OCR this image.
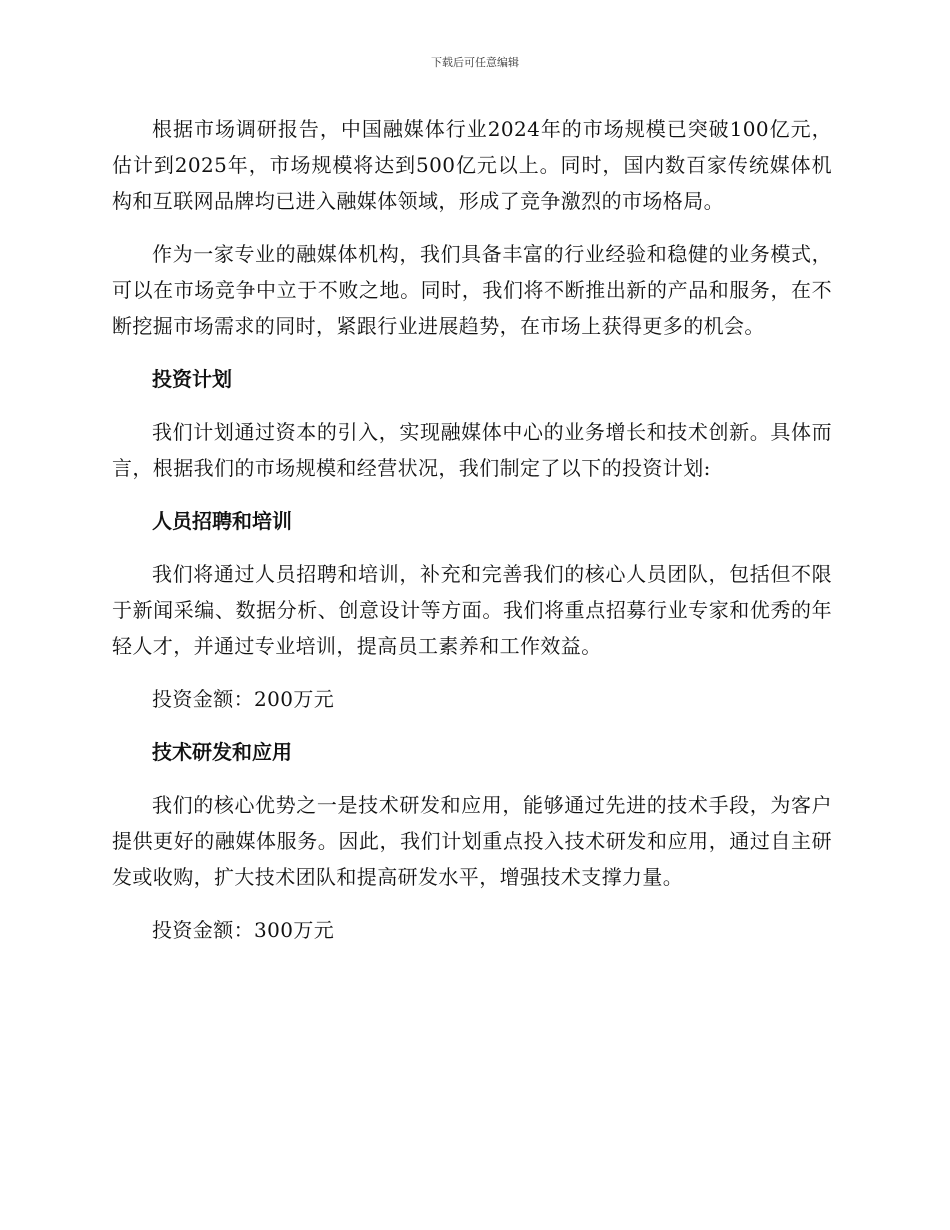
下载后可任意编辑

根据市场调研报告，中国融媒体行业2024年的市场规模已突破100亿元，估计到2025年，市场规模将达到500亿元以上。同时，国内数百家传统媒体机构和互联网品牌均已进入融媒体领域，形成了竞争激烈的市场格局。

作为一家专业的融媒体机构，我们具备丰富的行业经验和稳健的业务模式，可以在市场竞争中立于不败之地。同时，我们将不断推出新的产品和服务，在不断挖掘市场需求的同时，紧跟行业进展趋势，在市场上获得更多的机会。

投资计划

我们计划通过资本的引入，实现融媒体中心的业务增长和技术创新。具体而言，根据我们的市场规模和经营状况，我们制定了以下的投资计划:

人员招聘和培训

我们将通过人员招聘和培训，补充和完善我们的核心人员团队，包括但不限于新闻采编、数据分析、创意设计等方面。我们将重点招募行业专家和优秀的年轻人才，并通过专业培训，提高员工素养和工作效益。

投资金额：200万元

技术研发和应用

我们的核心优势之一是技术研发和应用，能够通过先进的技术手段，为客户提供更好的融媒体服务。因此，我们计划重点投入技术研发和应用，通过自主研发或收购，扩大技术团队和提高研发水平，增强技术支撑力量。

投资金额：300万元
